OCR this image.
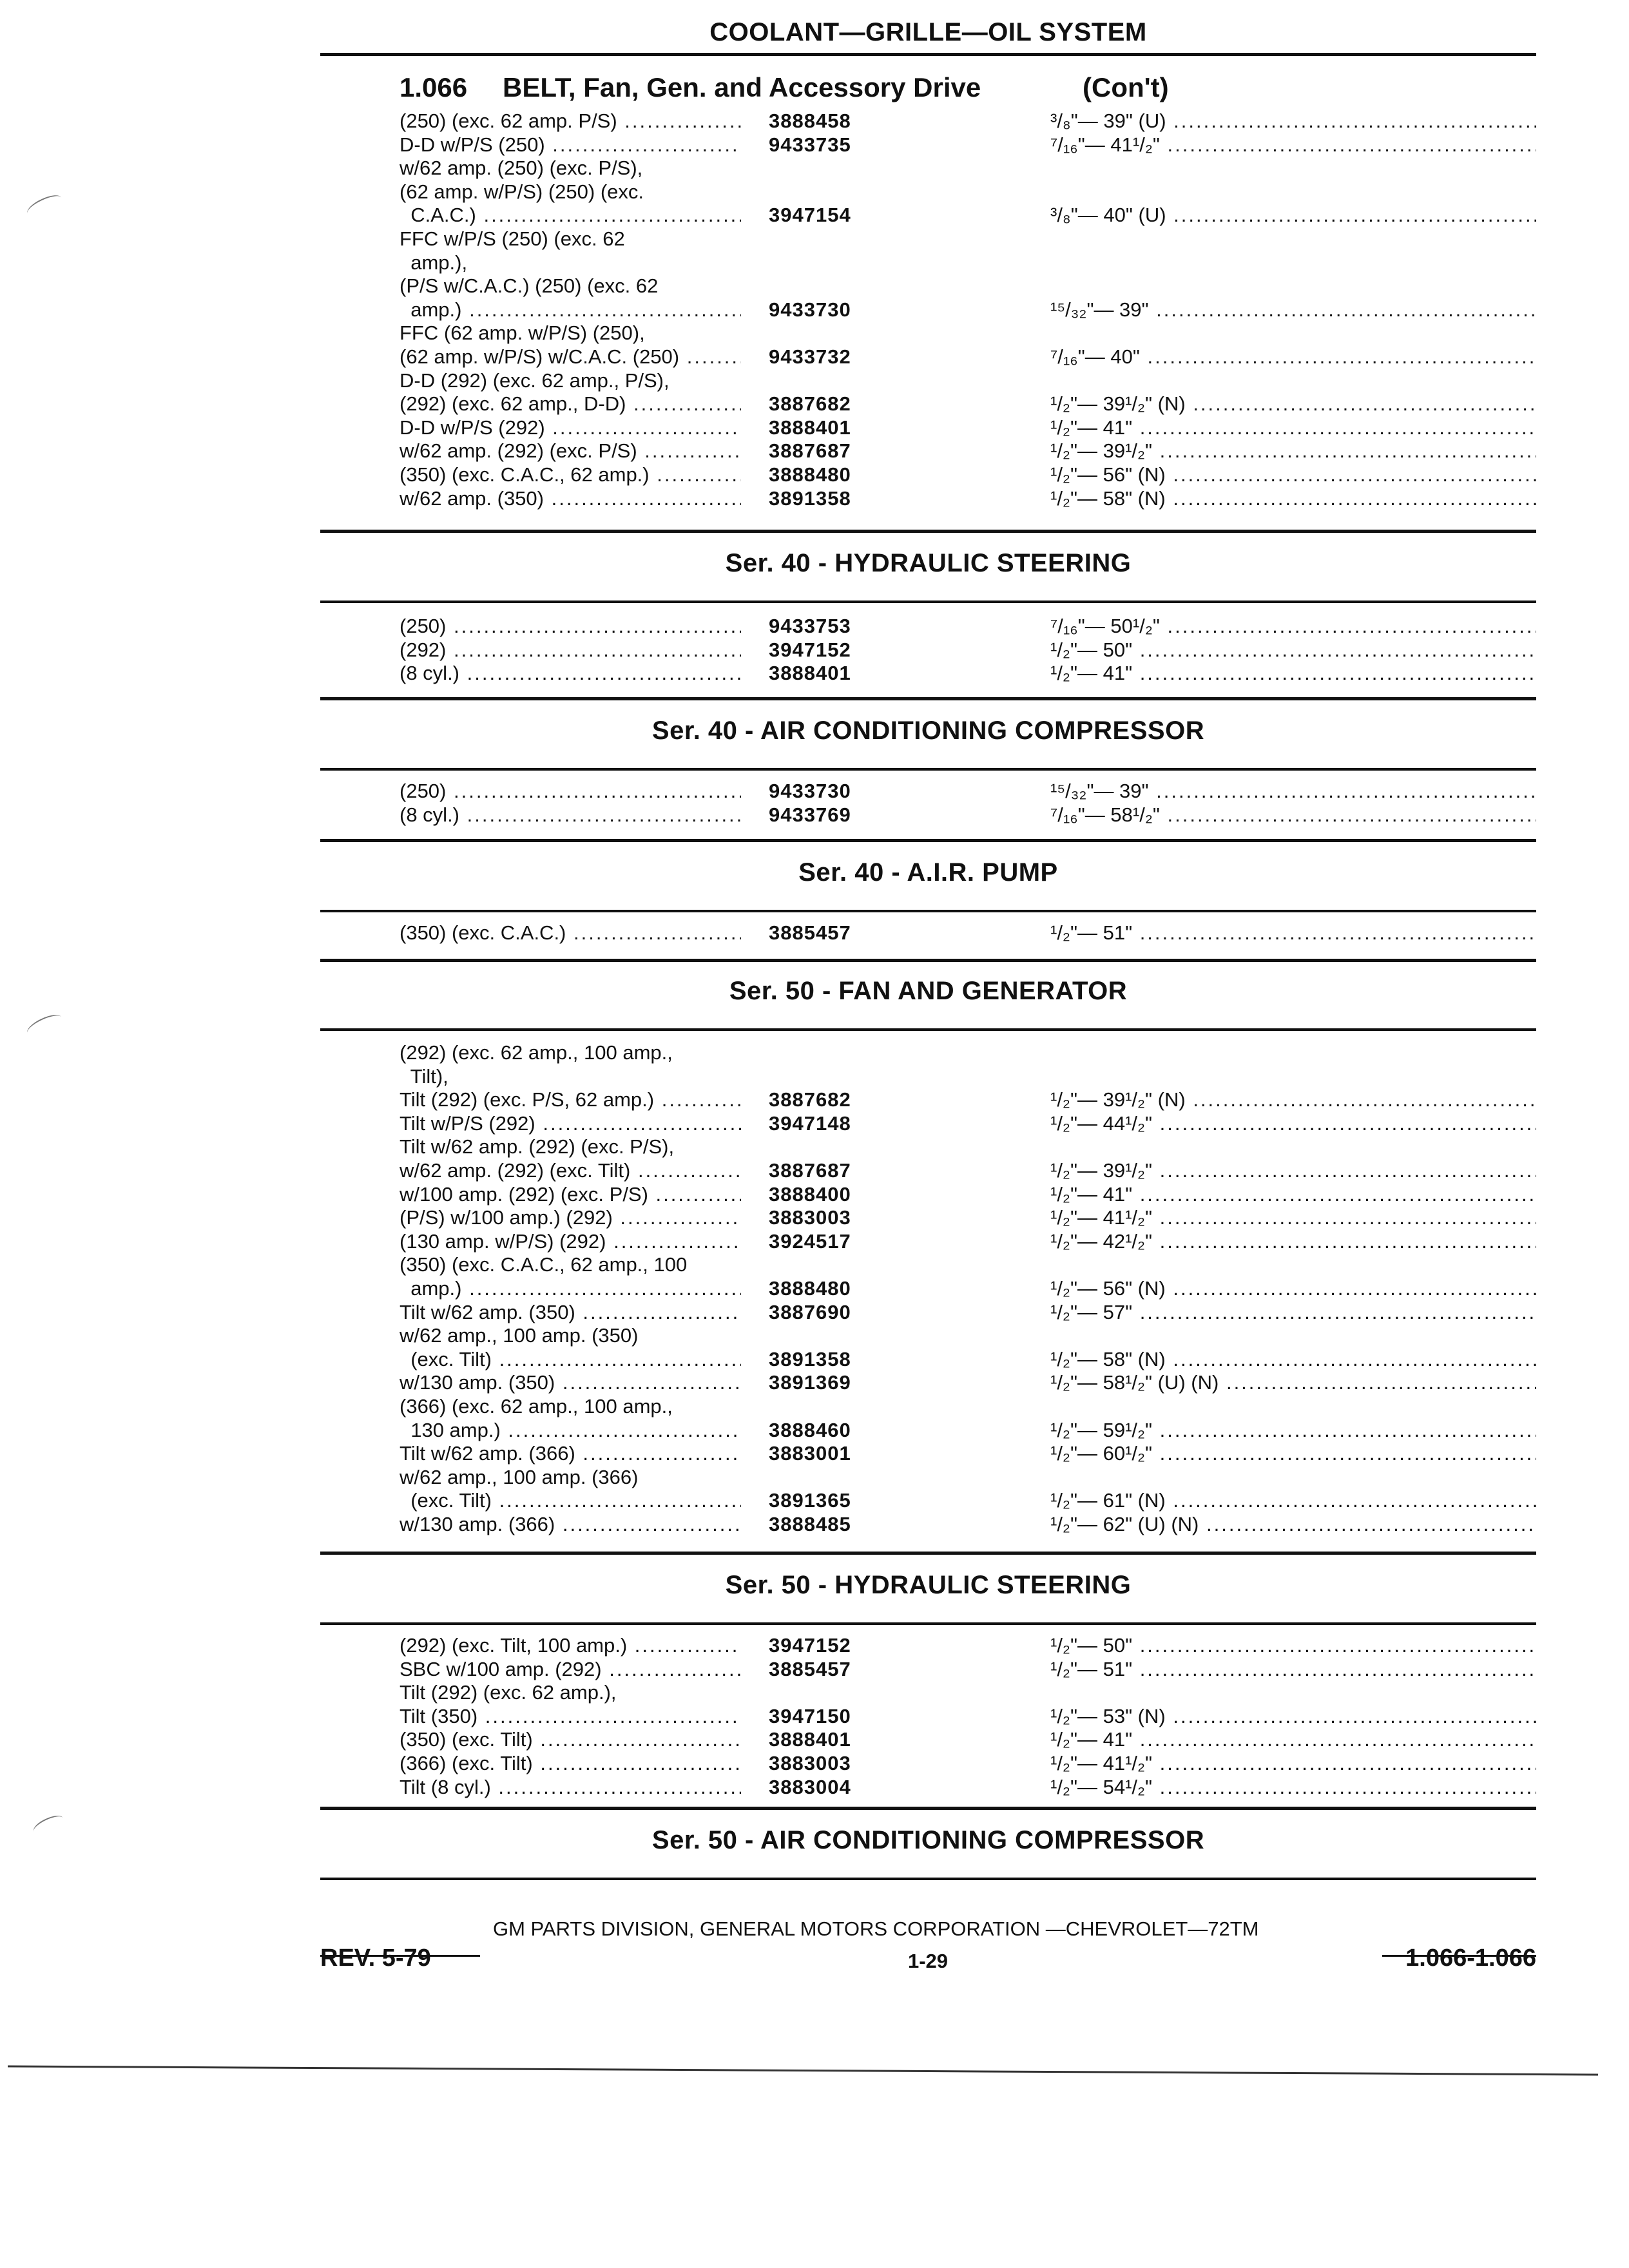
COOLANT—GRILLE—OIL SYSTEM
1.066 BELT, Fan, Gen. and Accessory Drive	(Con't)
(250) (exc. 62 amp. P/S) .....	3888458	³/₈"— 39" (U) .....
D-D w/P/S (250) .....	9433735	⁷/₁₆"— 41¹/₂" .....
w/62 amp. (250) (exc. P/S),
(62 amp. w/P/S) (250) (exc.
C.A.C.) .....	3947154	³/₈"— 40" (U) .....
FFC w/P/S (250) (exc. 62
amp.),
(P/S w/C.A.C.) (250) (exc. 62
amp.) .....	9433730	¹⁵/₃₂"— 39" .....
FFC (62 amp. w/P/S) (250),
(62 amp. w/P/S) w/C.A.C. (250) .....	9433732	⁷/₁₆"— 40" .....
D-D (292) (exc. 62 amp., P/S),
(292) (exc. 62 amp., D-D) .....	3887682	¹/₂"— 39¹/₂" (N) .....
D-D w/P/S (292) .....	3888401	¹/₂"— 41" .....
w/62 amp. (292) (exc. P/S) .....	3887687	¹/₂"— 39¹/₂" .....
(350) (exc. C.A.C., 62 amp.) .....	3888480	¹/₂"— 56" (N) .....
w/62 amp. (350) .....	3891358	¹/₂"— 58" (N) .....
Ser. 40 - HYDRAULIC STEERING
(250) .....	9433753	⁷/₁₆"— 50¹/₂" .....
(292) .....	3947152	¹/₂"— 50" .....
(8 cyl.) .....	3888401	¹/₂"— 41" .....
Ser. 40 - AIR CONDITIONING COMPRESSOR
(250) .....	9433730	¹⁵/₃₂"— 39" .....
(8 cyl.) .....	9433769	⁷/₁₆"— 58¹/₂" .....
Ser. 40 - A.I.R. PUMP
(350) (exc. C.A.C.) .....	3885457	¹/₂"— 51" .....
Ser. 50 - FAN AND GENERATOR
(292) (exc. 62 amp., 100 amp.,
Tilt),
Tilt (292) (exc. P/S, 62 amp.) .....	3887682	¹/₂"— 39¹/₂" (N) .....
Tilt w/P/S (292) .....	3947148	¹/₂"— 44¹/₂" .....
Tilt w/62 amp. (292) (exc. P/S),
w/62 amp. (292) (exc. Tilt) .....	3887687	¹/₂"— 39¹/₂" .....
w/100 amp. (292) (exc. P/S) .....	3888400	¹/₂"— 41" .....
(P/S) w/100 amp.) (292) .....	3883003	¹/₂"— 41¹/₂" .....
(130 amp. w/P/S) (292) .....	3924517	¹/₂"— 42¹/₂" .....
(350) (exc. C.A.C., 62 amp., 100
amp.) .....	3888480	¹/₂"— 56" (N) .....
Tilt w/62 amp. (350) .....	3887690	¹/₂"— 57" .....
w/62 amp., 100 amp. (350)
(exc. Tilt) .....	3891358	¹/₂"— 58" (N) .....
w/130 amp. (350) .....	3891369	¹/₂"— 58¹/₂" (U) (N) .....
(366) (exc. 62 amp., 100 amp.,
130 amp.) .....	3888460	¹/₂"— 59¹/₂" .....
Tilt w/62 amp. (366) .....	3883001	¹/₂"— 60¹/₂" .....
w/62 amp., 100 amp. (366)
(exc. Tilt) .....	3891365	¹/₂"— 61" (N) .....
w/130 amp. (366) .....	3888485	¹/₂"— 62" (U) (N) .....
Ser. 50 - HYDRAULIC STEERING
(292) (exc. Tilt, 100 amp.) .....	3947152	¹/₂"— 50" .....
SBC w/100 amp. (292) .....	3885457	¹/₂"— 51" .....
Tilt (292) (exc. 62 amp.),
Tilt (350) .....	3947150	¹/₂"— 53" (N) .....
(350) (exc. Tilt) .....	3888401	¹/₂"— 41" .....
(366) (exc. Tilt) .....	3883003	¹/₂"— 41¹/₂" .....
Tilt (8 cyl.) .....	3883004	¹/₂"— 54¹/₂" .....
Ser. 50 - AIR CONDITIONING COMPRESSOR
GM PARTS DIVISION, GENERAL MOTORS CORPORATION —CHEVROLET—72TM
REV. 5-79	1-29	1.066-1.066
